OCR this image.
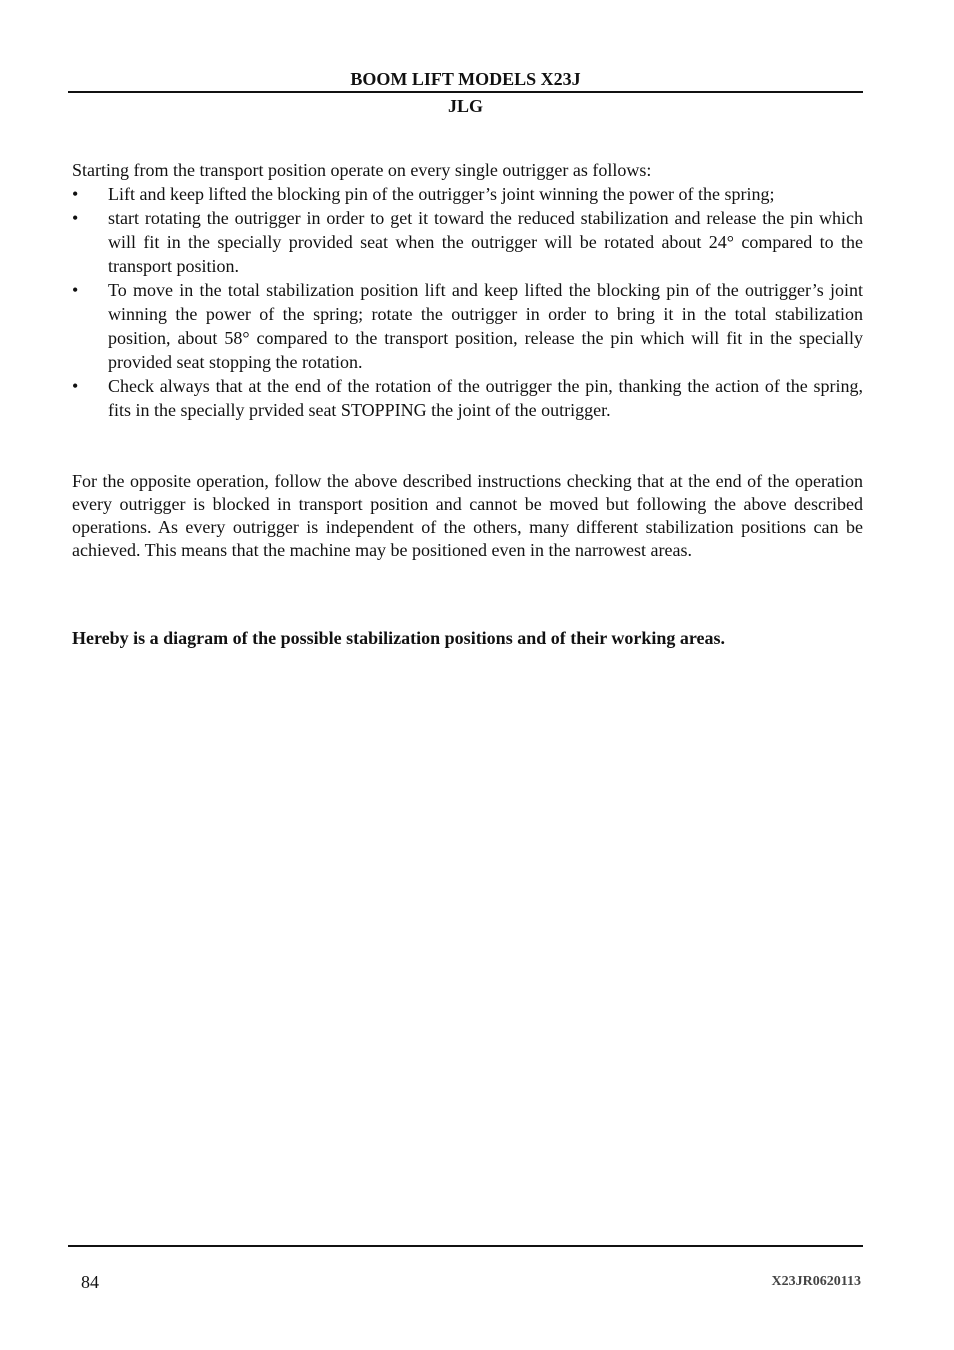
BOOM LIFT MODELS X23J
JLG

Starting from the transport position operate on every single outrigger as follows:

•	Lift and keep lifted the blocking pin of the outrigger’s joint winning the power of the spring;
•	start rotating the outrigger in order to get it toward the reduced stabilization and release the pin which will fit in the specially provided seat when the outrigger will be rotated about 24° compared to the transport position.
•	To move in the total stabilization position lift and keep lifted the blocking pin of the outrigger’s joint winning the power of the spring; rotate the outrigger in order to bring it in the total stabilization position, about 58° compared to the transport position, release the pin which will fit in the specially provided seat stopping the rotation.
•	Check always that at the end of the rotation of the outrigger the pin, thanking the action of the spring, fits in the specially prvided seat STOPPING the joint of the outrigger.

For the opposite operation, follow the above described instructions checking that at the end of the operation every outrigger is blocked in transport position and cannot be moved but following the above described operations. As every outrigger is independent of the others, many different stabilization positions can be achieved. This means that the machine may be positioned even in the narrowest areas.

Hereby is a diagram of the possible stabilization positions and of their working areas.

84	X23JR0620113
